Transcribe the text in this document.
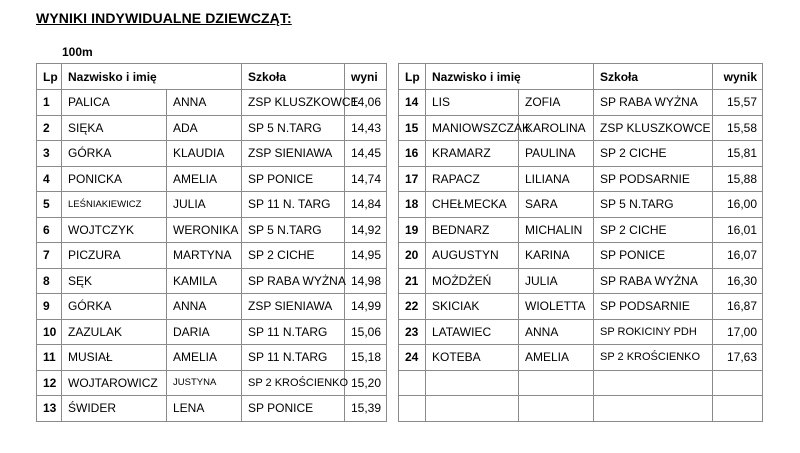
WYNIKI INDYWIDUALNE DZIEWCZĄT:
100m
Lp	Nazwisko i imię		Szkoła	wyni
1	PALICA	ANNA	ZSP KLUSZKOWCE	14,06
2	SIĘKA	ADA	SP 5 N.TARG	14,43
3	GÓRKA	KLAUDIA	ZSP SIENIAWA	14,45
4	PONICKA	AMELIA	SP PONICE	14,74
5	LEŚNIAKIEWICZ	JULIA	SP 11 N. TARG	14,84
6	WOJTCZYK	WERONIKA	SP 5 N.TARG	14,92
7	PICZURA	MARTYNA	SP 2 CICHE	14,95
8	SĘK	KAMILA	SP RABA WYŻNA	14,98
9	GÓRKA	ANNA	ZSP SIENIAWA	14,99
10	ZAZULAK	DARIA	SP 11 N.TARG	15,06
11	MUSIAŁ	AMELIA	SP 11 N.TARG	15,18
12	WOJTAROWICZ	JUSTYNA	SP 2 KROŚCIENKO	15,20
13	ŚWIDER	LENA	SP PONICE	15,39
Lp	Nazwisko i imię		Szkoła	wynik
14	LIS	ZOFIA	SP RABA WYŻNA	15,57
15	MANIOWSZCZAK	KAROLINA	ZSP KLUSZKOWCE	15,58
16	KRAMARZ	PAULINA	SP 2 CICHE	15,81
17	RAPACZ	LILIANA	SP PODSARNIE	15,88
18	CHEŁMECKA	SARA	SP 5 N.TARG	16,00
19	BEDNARZ	MICHALIN	SP 2 CICHE	16,01
20	AUGUSTYN	KARINA	SP PONICE	16,07
21	MOŻDŻEŃ	JULIA	SP RABA WYŻNA	16,30
22	SKICIAK	WIOLETTA	SP PODSARNIE	16,87
23	LATAWIEC	ANNA	SP ROKICINY PDH	17,00
24	KOTEBA	AMELIA	SP 2 KROŚCIENKO	17,63
